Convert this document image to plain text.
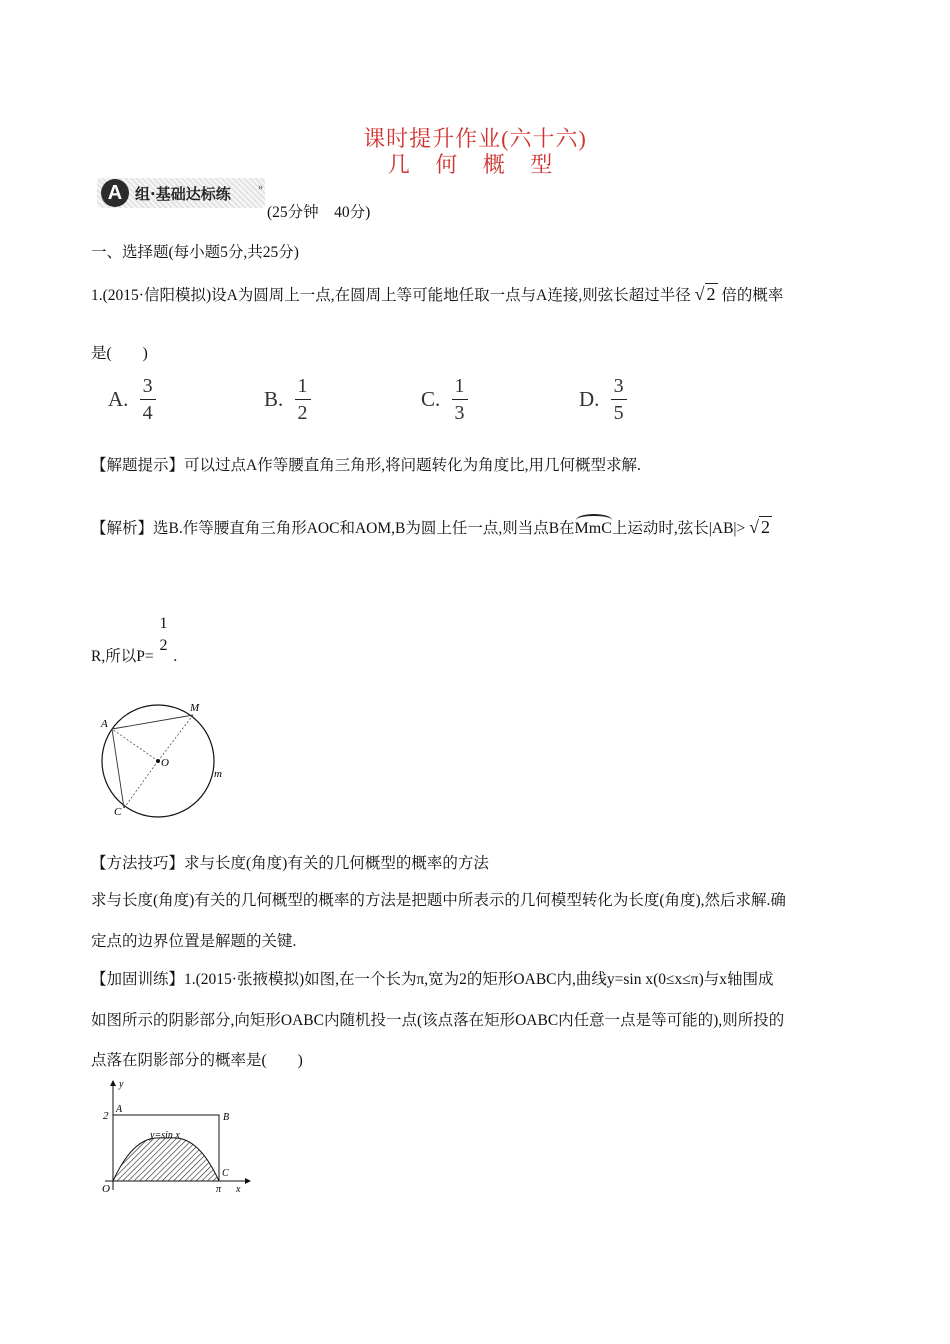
课时提升作业(六十六)
几 何 概 型
A 组·基础达标练	»
(25分钟　40分)
一、选择题(每小题5分,共25分)
1.(2015·信阳模拟)设A为圆周上一点,在圆周上等可能地任取一点与A连接,则弦长超过半径 √ 2 倍的概率
是(　　)
A. $\frac{3}{4}$	B. $\frac{1}{2}$	C. $\frac{1}{3}$	D. $\frac{3}{5}$
【解题提示】可以过点A作等腰直角三角形,将问题转化为角度比,用几何概型求解.
【解析】选B.作等腰直角三角形AOC和AOM,B为圆上任一点,则当点B在
MmC上运动时,弦长|AB|> √ 2
R,所以P=
1
2
.
A
M
O
m
C
【方法技巧】求与长度(角度)有关的几何概型的概率的方法
求与长度(角度)有关的几何概型的概率的方法是把题中所表示的几何模型转化为长度(角度),然后求解.确
定点的边界位置是解题的关键.
【加固训练】1.(2015·张掖模拟)如图,在一个长为π,宽为2的矩形OABC内,曲线y=sin x(0≤x≤π)与x轴围成
如图所示的阴影部分,向矩形OABC内随机投一点(该点落在矩形OABC内任意一点是等可能的),则所投的
点落在阴影部分的概率是(　　)
y
2
A
B
y=sin x
O
C
π x
